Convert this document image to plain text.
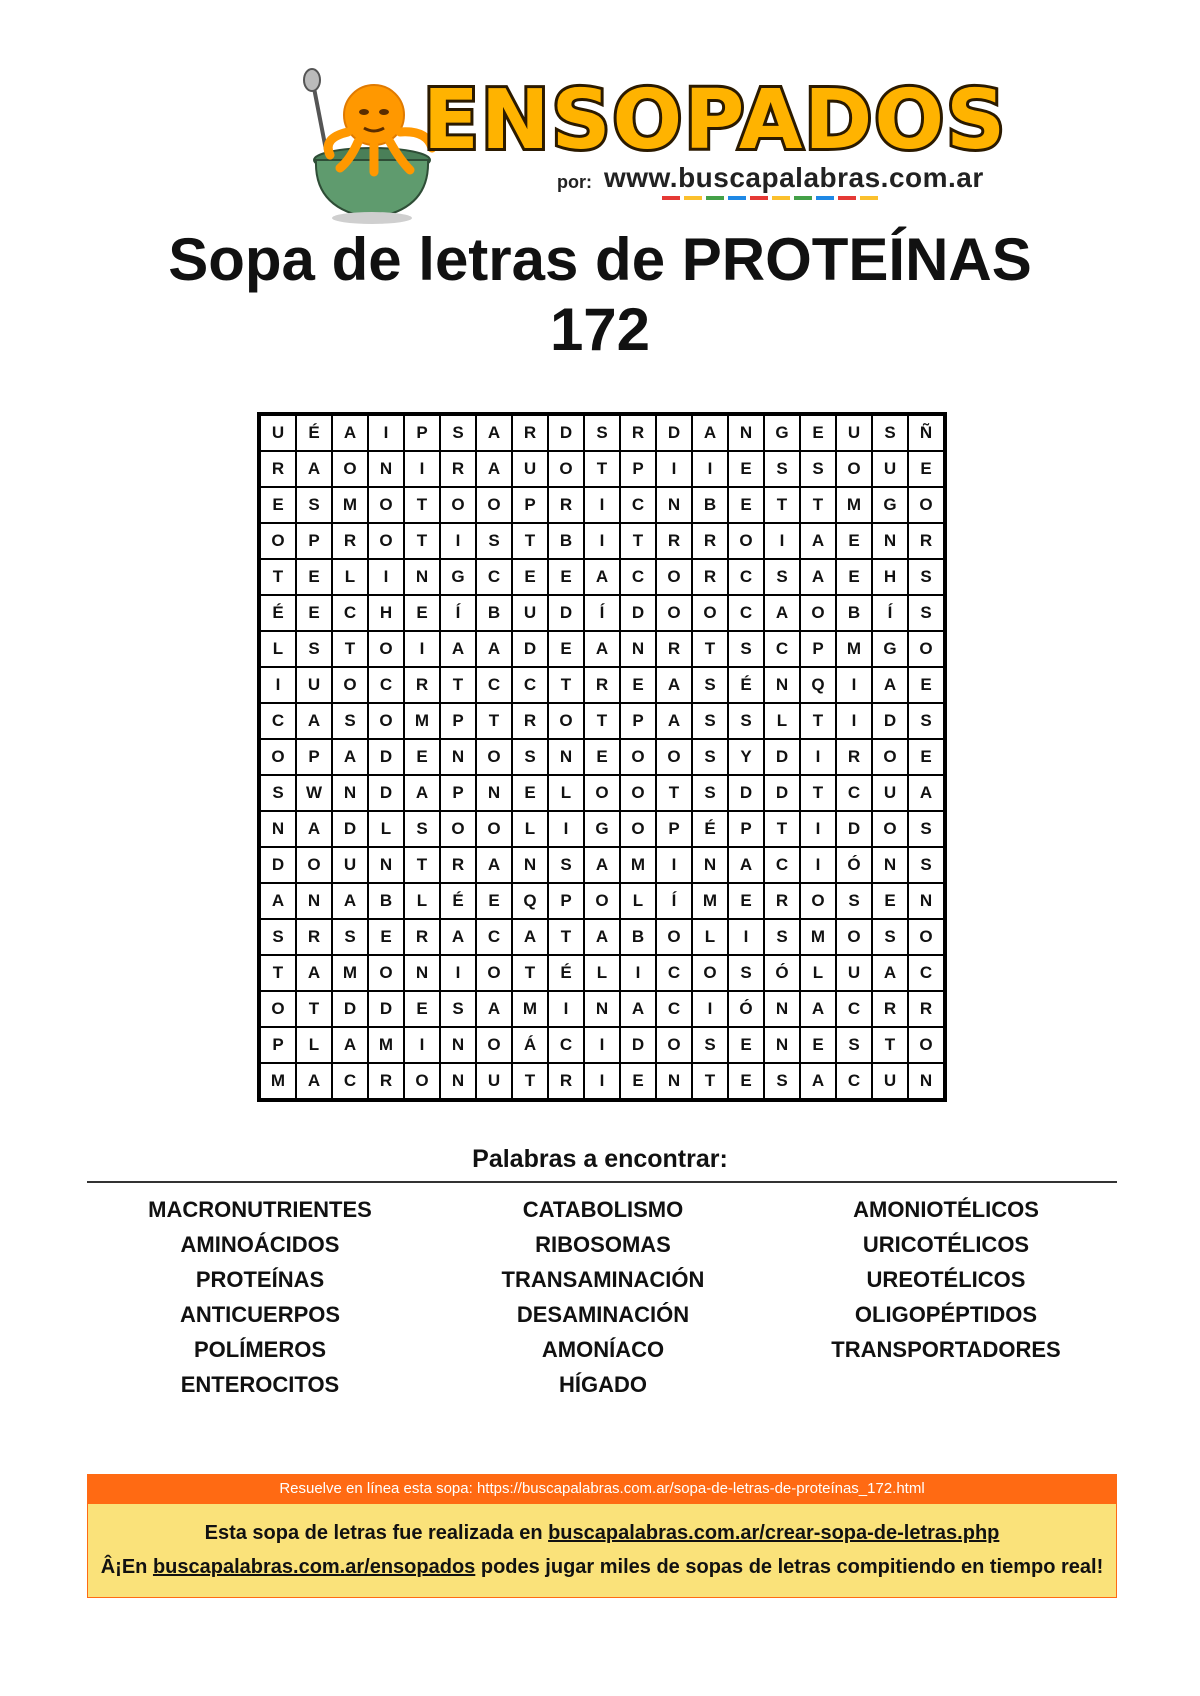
ENSOPADOS
por: www.buscapalabras.com.ar
Sopa de letras de PROTEÍNAS
172
U	É	A	I	P	S	A	R	D	S	R	D	A	N	G	E	U	S	Ñ
R	A	O	N	I	R	A	U	O	T	P	I	I	E	S	S	O	U	E
E	S	M	O	T	O	O	P	R	I	C	N	B	E	T	T	M	G	O
O	P	R	O	T	I	S	T	B	I	T	R	R	O	I	A	E	N	R
T	E	L	I	N	G	C	E	E	A	C	O	R	C	S	A	E	H	S
É	E	C	H	E	Í	B	U	D	Í	D	O	O	C	A	O	B	Í	S
L	S	T	O	I	A	A	D	E	A	N	R	T	S	C	P	M	G	O
I	U	O	C	R	T	C	C	T	R	E	A	S	É	N	Q	I	A	E
C	A	S	O	M	P	T	R	O	T	P	A	S	S	L	T	I	D	S
O	P	A	D	E	N	O	S	N	E	O	O	S	Y	D	I	R	O	E
S	W	N	D	A	P	N	E	L	O	O	T	S	D	D	T	C	U	A
N	A	D	L	S	O	O	L	I	G	O	P	É	P	T	I	D	O	S
D	O	U	N	T	R	A	N	S	A	M	I	N	A	C	I	Ó	N	S
A	N	A	B	L	É	E	Q	P	O	L	Í	M	E	R	O	S	E	N
S	R	S	E	R	A	C	A	T	A	B	O	L	I	S	M	O	S	O
T	A	M	O	N	I	O	T	É	L	I	C	O	S	Ó	L	U	A	C
O	T	D	D	E	S	A	M	I	N	A	C	I	Ó	N	A	C	R	R
P	L	A	M	I	N	O	Á	C	I	D	O	S	E	N	E	S	T	O
M	A	C	R	O	N	U	T	R	I	E	N	T	E	S	A	C	U	N
Palabras a encontrar:
MACRONUTRIENTES
AMINOÁCIDOS
PROTEÍNAS
ANTICUERPOS
POLÍMEROS
ENTEROCITOS
CATABOLISMO
RIBOSOMAS
TRANSAMINACIÓN
DESAMINACIÓN
AMONÍACO
HÍGADO
AMONIOTÉLICOS
URICOTÉLICOS
UREOTÉLICOS
OLIGOPÉPTIDOS
TRANSPORTADORES
Resuelve en línea esta sopa: https://buscapalabras.com.ar/sopa-de-letras-de-proteínas_172.html
Esta sopa de letras fue realizada en buscapalabras.com.ar/crear-sopa-de-letras.php
Â¡En buscapalabras.com.ar/ensopados podes jugar miles de sopas de letras compitiendo en tiempo real!
